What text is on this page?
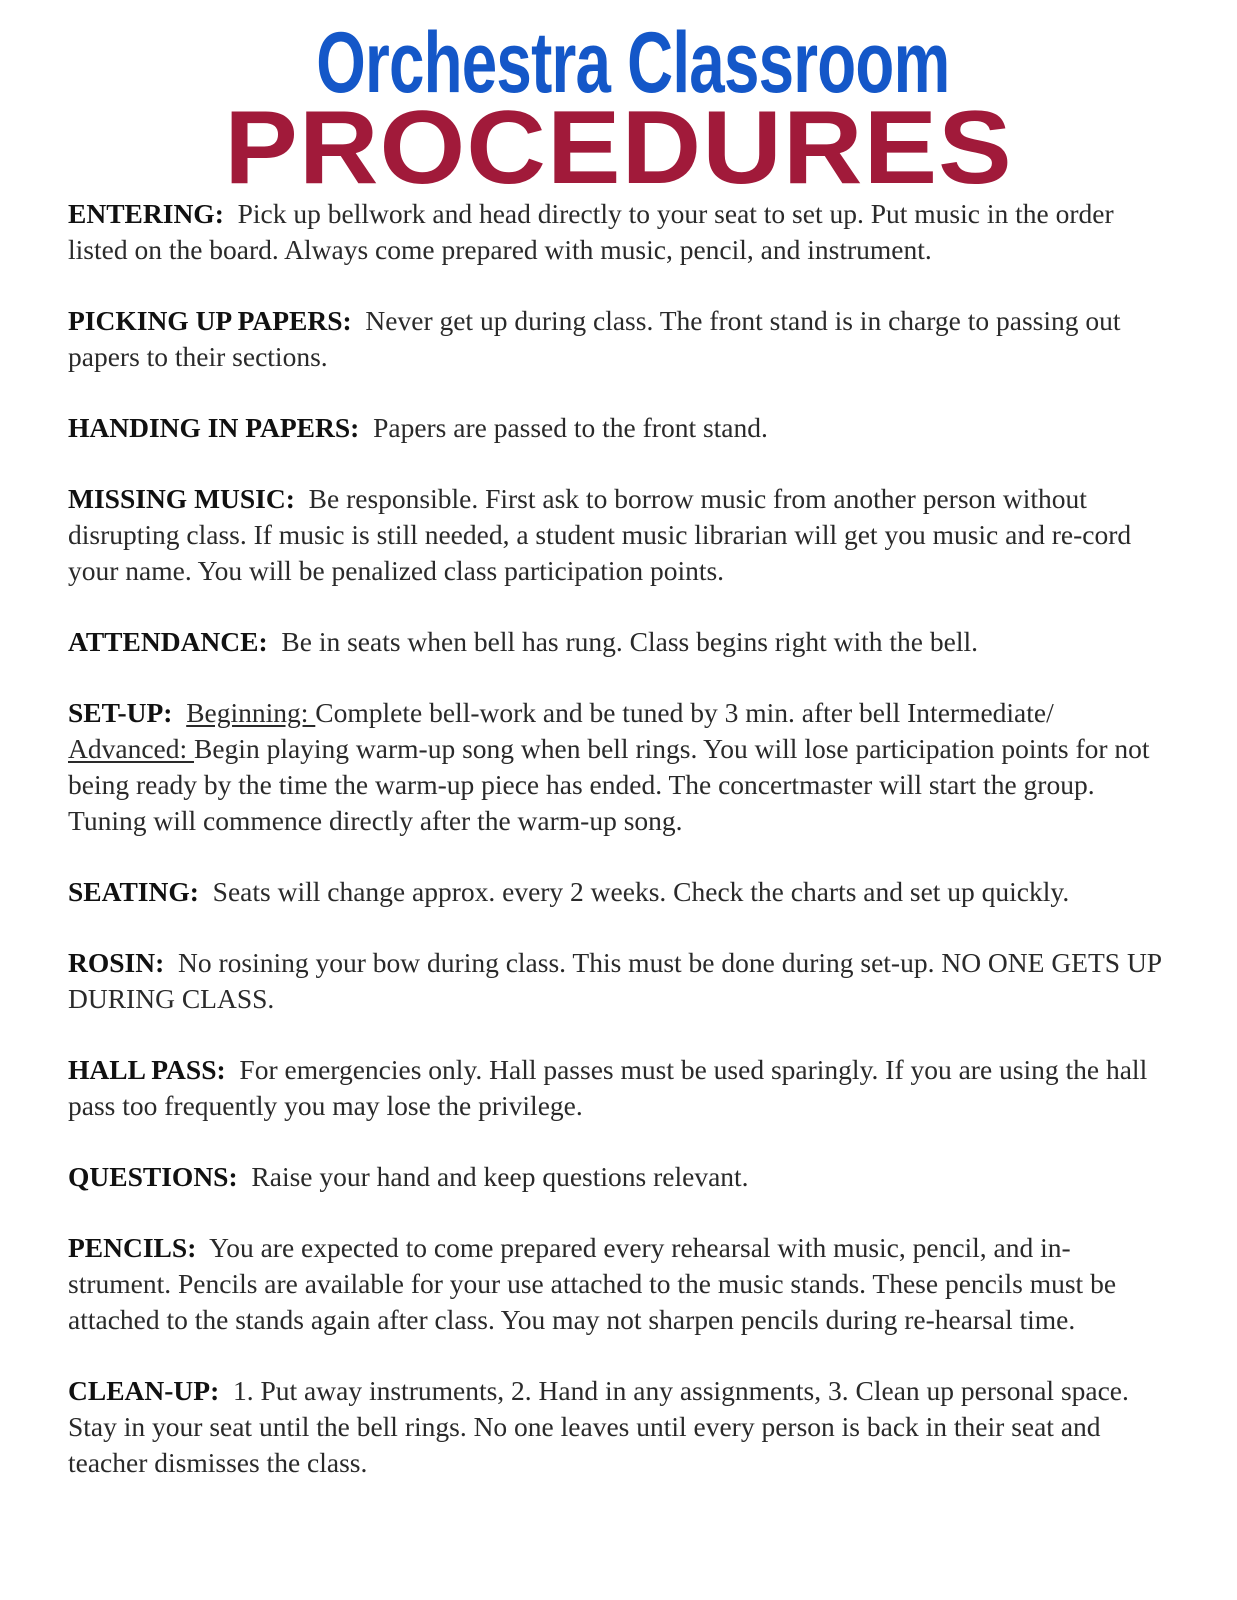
Orchestra Classroom
PROCEDURES

ENTERING: Pick up bellwork and head directly to your seat to set up. Put music in the order listed on the board. Always come prepared with music, pencil, and instrument.

PICKING UP PAPERS: Never get up during class. The front stand is in charge to passing out papers to their sections.

HANDING IN PAPERS: Papers are passed to the front stand.

MISSING MUSIC: Be responsible. First ask to borrow music from another person without disrupting class. If music is still needed, a student music librarian will get you music and re-cord your name. You will be penalized class participation points.

ATTENDANCE: Be in seats when bell has rung. Class begins right with the bell.

SET-UP: Beginning: Complete bell-work and be tuned by 3 min. after bell Intermediate/ Advanced: Begin playing warm-up song when bell rings. You will lose participation points for not being ready by the time the warm-up piece has ended. The concertmaster will start the group. Tuning will commence directly after the warm-up song.

SEATING: Seats will change approx. every 2 weeks. Check the charts and set up quickly.

ROSIN: No rosining your bow during class. This must be done during set-up. NO ONE GETS UP DURING CLASS.

HALL PASS: For emergencies only. Hall passes must be used sparingly. If you are using the hall pass too frequently you may lose the privilege.

QUESTIONS: Raise your hand and keep questions relevant.

PENCILS: You are expected to come prepared every rehearsal with music, pencil, and in-strument. Pencils are available for your use attached to the music stands. These pencils must be attached to the stands again after class. You may not sharpen pencils during re-hearsal time.

CLEAN-UP: 1. Put away instruments, 2. Hand in any assignments, 3. Clean up personal space. Stay in your seat until the bell rings. No one leaves until every person is back in their seat and teacher dismisses the class.
